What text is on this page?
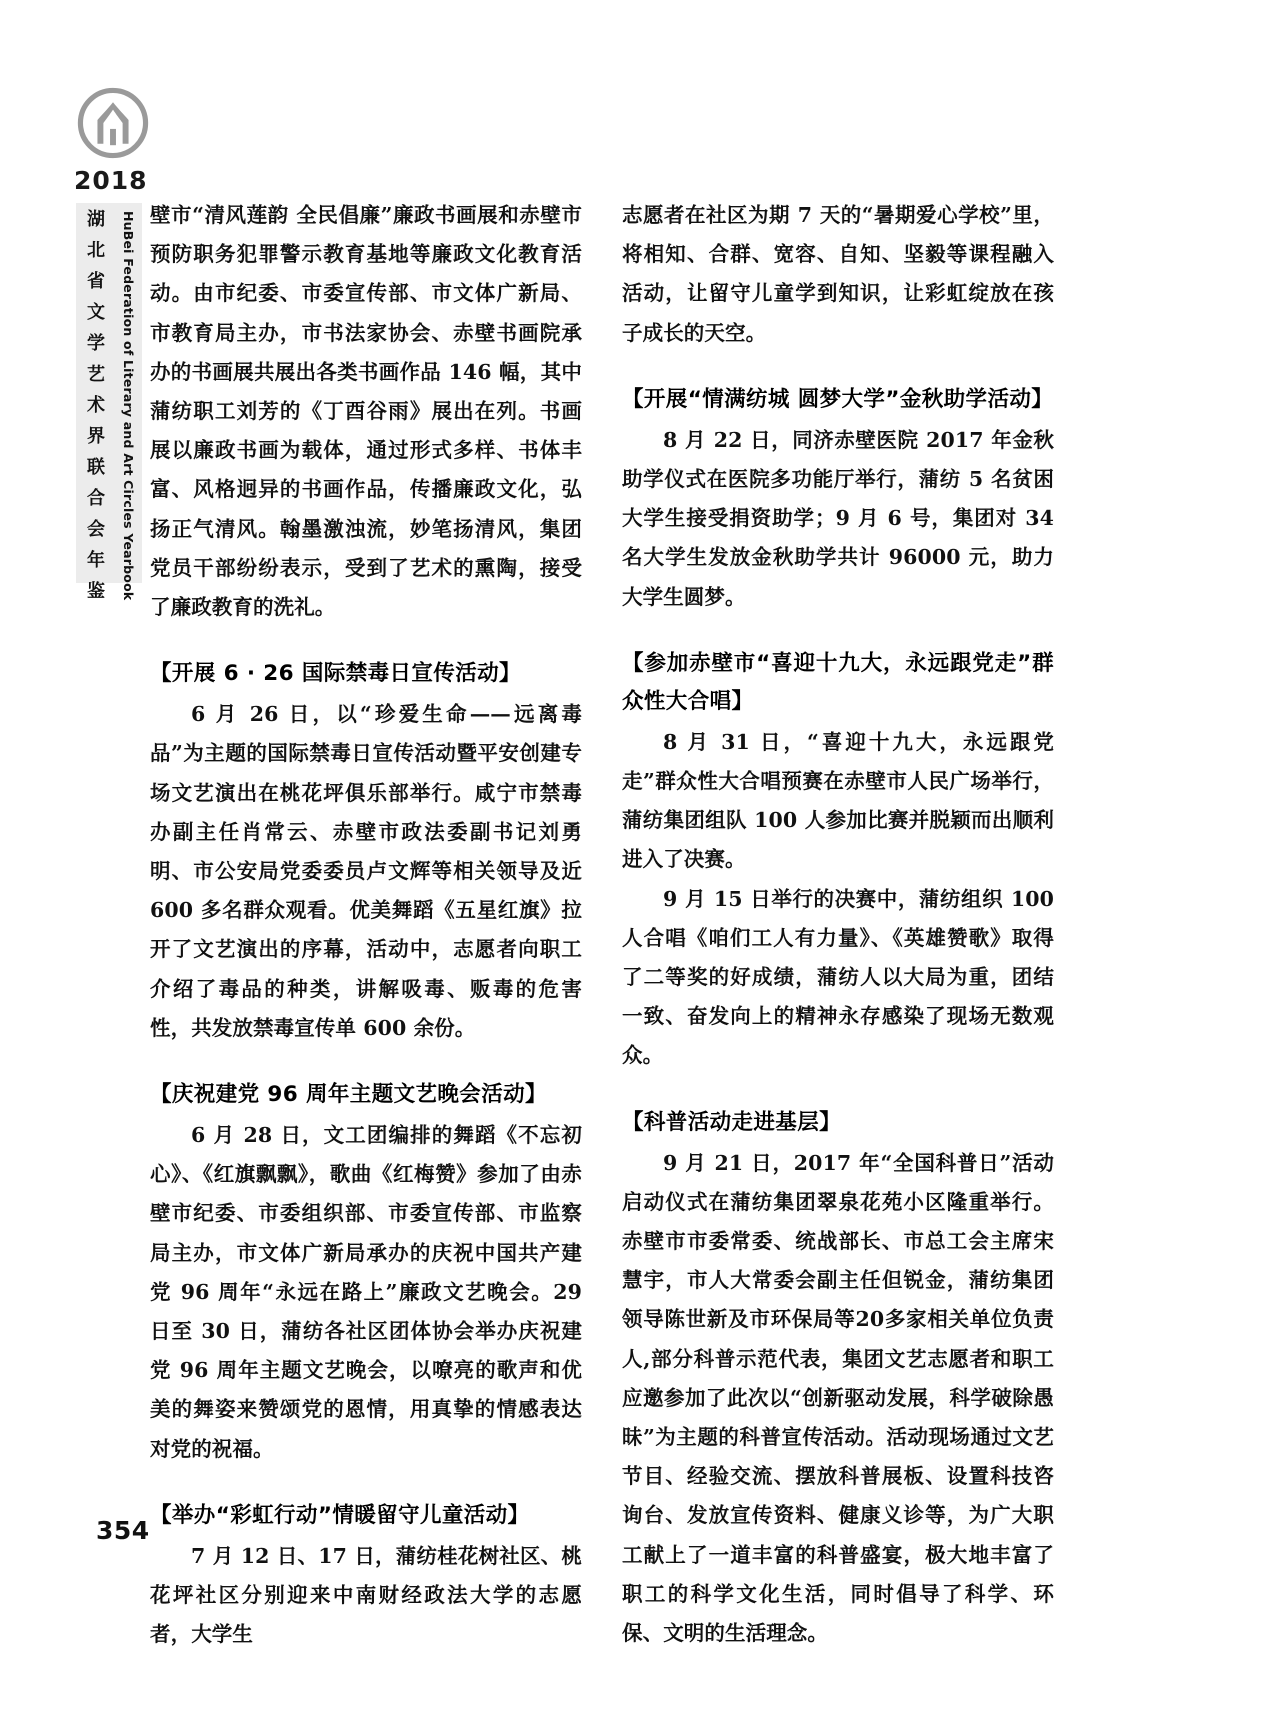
2018
湖北省文学艺术界联合会年鉴	HuBei Federation of Literary and Art Circles Yearbook 壁市“清风莲韵 全民倡廉”廉政书画展和赤壁市预防职务犯罪警示教育基地等廉政文化教育活动。由市纪委、市委宣传部、市文体广新局、市教育局主办，市书法家协会、赤壁书画院承办的书画展共展出各类书画作品 146 幅，其中蒲纺职工刘芳的《丁酉谷雨》展出在列。书画展以廉政书画为载体，通过形式多样、书体丰富、风格迥异的书画作品，传播廉政文化，弘扬正气清风。翰墨激浊流，妙笔扬清风，集团党员干部纷纷表示，受到了艺术的熏陶，接受了廉政教育的洗礼。

【开展 6 · 26 国际禁毒日宣传活动】

6 月 26 日，以“珍爱生命——远离毒品”为主题的国际禁毒日宣传活动暨平安创建专场文艺演出在桃花坪俱乐部举行。咸宁市禁毒办副主任肖常云、赤壁市政法委副书记刘勇明、市公安局党委委员卢文辉等相关领导及近 600 多名群众观看。优美舞蹈《五星红旗》拉开了文艺演出的序幕，活动中，志愿者向职工介绍了毒品的种类，讲解吸毒、贩毒的危害性，共发放禁毒宣传单 600 余份。

【庆祝建党 96 周年主题文艺晚会活动】

6 月 28 日，文工团编排的舞蹈《不忘初心》、《红旗飘飘》，歌曲《红梅赞》参加了由赤壁市纪委、市委组织部、市委宣传部、市监察局主办，市文体广新局承办的庆祝中国共产建党 96 周年“永远在路上”廉政文艺晚会。29 日至 30 日，蒲纺各社区团体协会举办庆祝建党 96 周年主题文艺晚会，以嘹亮的歌声和优美的舞姿来赞颂党的恩情，用真挚的情感表达对党的祝福。

【举办“彩虹行动”情暖留守儿童活动】

7 月 12 日、17 日，蒲纺桂花树社区、桃花坪社区分别迎来中南财经政法大学的志愿者，大学生

志愿者在社区为期 7 天的“暑期爱心学校”里，将相知、合群、宽容、自知、坚毅等课程融入活动，让留守儿童学到知识，让彩虹绽放在孩子成长的天空。

【开展“情满纺城 圆梦大学”金秋助学活动】

8 月 22 日，同济赤壁医院 2017 年金秋助学仪式在医院多功能厅举行，蒲纺 5 名贫困大学生接受捐资助学；9 月 6 号，集团对 34 名大学生发放金秋助学共计 96000 元，助力大学生圆梦。

【参加赤壁市“喜迎十九大，永远跟党走”群众性大合唱】

8 月 31 日，“喜迎十九大，永远跟党走”群众性大合唱预赛在赤壁市人民广场举行，蒲纺集团组队 100 人参加比赛并脱颖而出顺利进入了决赛。

9 月 15 日举行的决赛中，蒲纺组织 100 人合唱《咱们工人有力量》、《英雄赞歌》取得了二等奖的好成绩，蒲纺人以大局为重，团结一致、奋发向上的精神永存感染了现场无数观众。

【科普活动走进基层】

9 月 21 日，2017 年“全国科普日”活动启动仪式在蒲纺集团翠泉花苑小区隆重举行。赤壁市市委常委、统战部长、市总工会主席宋慧宇，市人大常委会副主任但锐金，蒲纺集团领导陈世新及市环保局等20多家相关单位负责人,部分科普示范代表，集团文艺志愿者和职工应邀参加了此次以“创新驱动发展，科学破除愚昧”为主题的科普宣传活动。活动现场通过文艺节目、经验交流、摆放科普展板、设置科技咨询台、发放宣传资料、健康义诊等，为广大职工献上了一道丰富的科普盛宴，极大地丰富了职工的科学文化生活，同时倡导了科学、环保、文明的生活理念。

354
